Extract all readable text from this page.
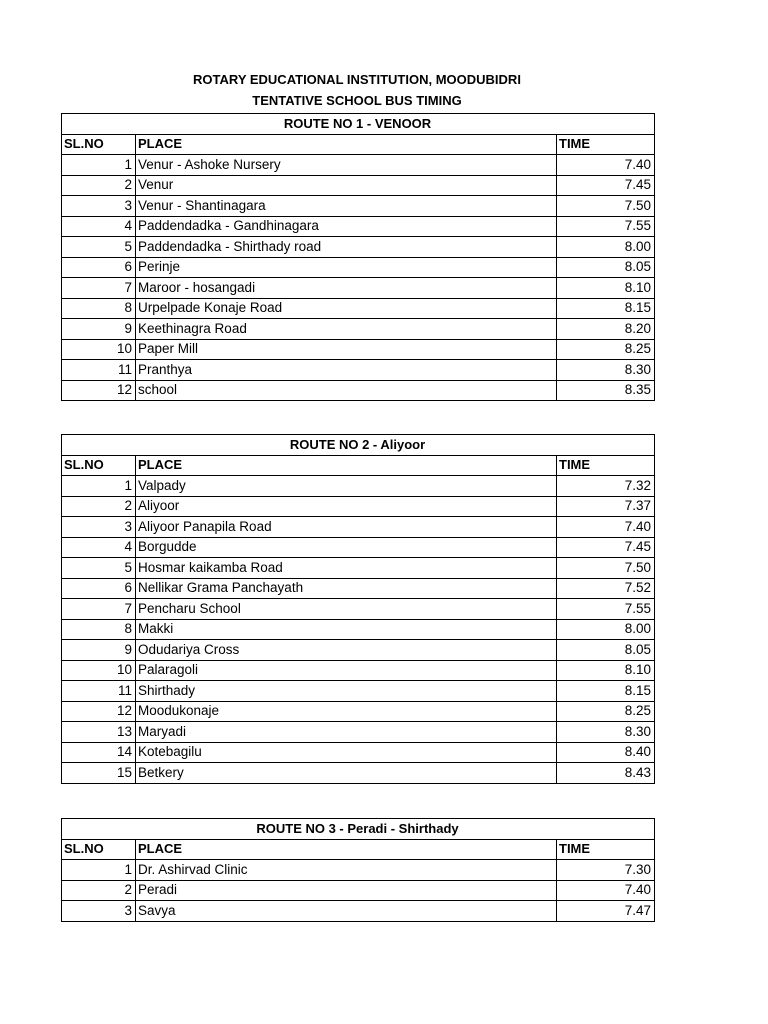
ROTARY EDUCATIONAL INSTITUTION, MOODUBIDRI
TENTATIVE SCHOOL BUS TIMING
ROUTE NO 1 - VENOOR		
SL.NO	PLACE	TIME
1	Venur - Ashoke Nursery	7.40
2	Venur	7.45
3	Venur - Shantinagara	7.50
4	Paddendadka - Gandhinagara	7.55
5	Paddendadka - Shirthady road	8.00
6	Perinje	8.05
7	Maroor - hosangadi	8.10
8	Urpelpade Konaje Road	8.15
9	Keethinagra Road	8.20
10	Paper Mill	8.25
11	Pranthya	8.30
12	school	8.35
ROUTE NO 2 - Aliyoor		
SL.NO	PLACE	TIME
1	Valpady	7.32
2	Aliyoor	7.37
3	Aliyoor Panapila Road	7.40
4	Borgudde	7.45
5	Hosmar kaikamba Road	7.50
6	Nellikar Grama Panchayath	7.52
7	Pencharu School	7.55
8	Makki	8.00
9	Odudariya Cross	8.05
10	Palaragoli	8.10
11	Shirthady	8.15
12	Moodukonaje	8.25
13	Maryadi	8.30
14	Kotebagilu	8.40
15	Betkery	8.43
ROUTE NO 3 - Peradi - Shirthady		
SL.NO	PLACE	TIME
1	Dr. Ashirvad Clinic	7.30
2	Peradi	7.40
3	Savya	7.47
